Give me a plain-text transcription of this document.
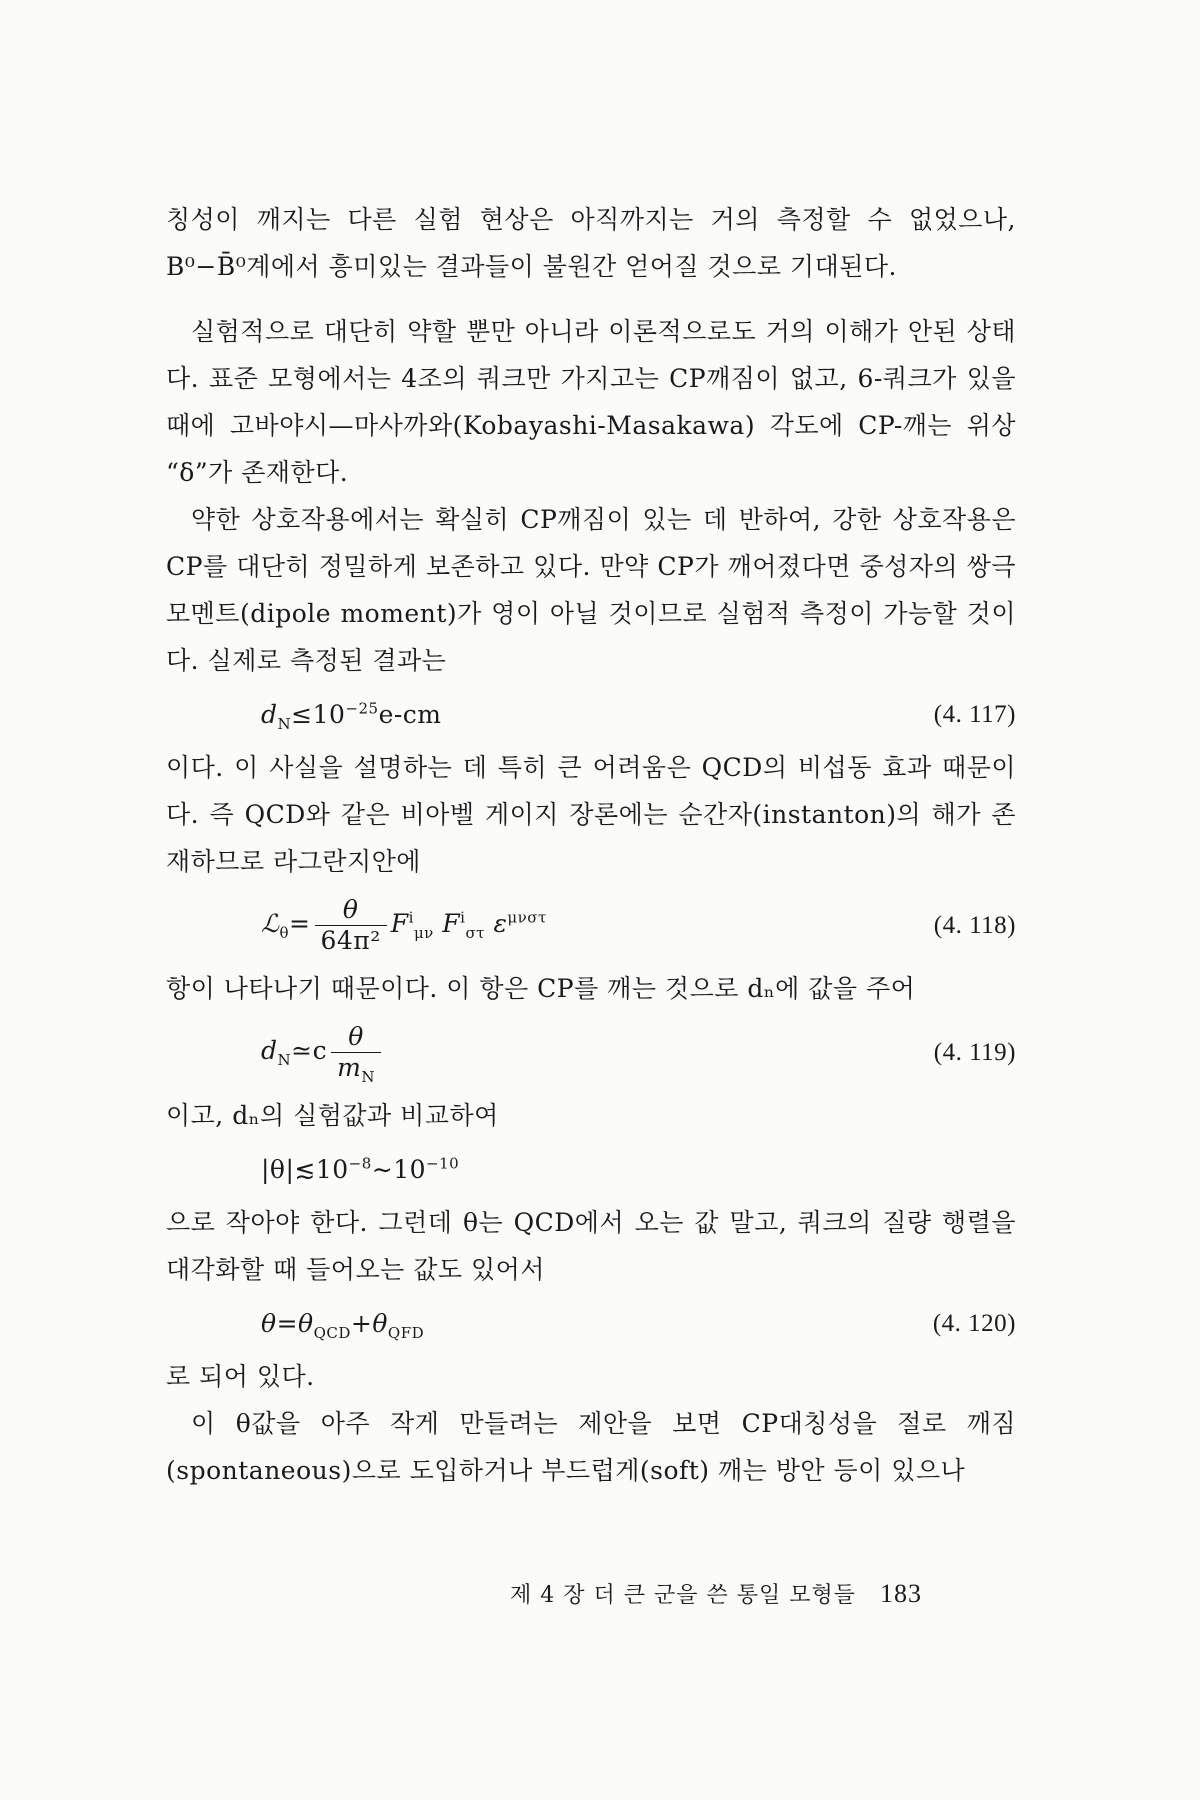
칭성이 깨지는 다른 실험 현상은 아직까지는 거의 측정할 수 없었으나, B⁰−B̄⁰계에서 흥미있는 결과들이 불원간 얻어질 것으로 기대된다.

실험적으로 대단히 약할 뿐만 아니라 이론적으로도 거의 이해가 안된 상태다. 표준 모형에서는 4조의 쿼크만 가지고는 CP깨짐이 없고, 6-쿼크가 있을 때에 고바야시—마사까와(Kobayashi-Masakawa) 각도에 CP-깨는 위상 “δ”가 존재한다.

약한 상호작용에서는 확실히 CP깨짐이 있는 데 반하여, 강한 상호작용은 CP를 대단히 정밀하게 보존하고 있다. 만약 CP가 깨어졌다면 중성자의 쌍극 모멘트(dipole moment)가 영이 아닐 것이므로 실험적 측정이 가능할 것이다. 실제로 측정된 결과는

$d_N\le 10^{-25}e-cm$	(4. 117)

이다. 이 사실을 설명하는 데 특히 큰 어려움은 QCD의 비섭동 효과 때문이다. 즉 QCD와 같은 비아벨 게이지 장론에는 순간자(instanton)의 해가 존재하므로 라그란지안에

ℒ$_\theta$= $\frac{\theta}{\text{64π²}} F^i_{\mu\nu}$ $F^i_{\sigma\tau}$ $\varepsilon^{\mu\nu\sigma\tau}$	(4. 118)

항이 나타나기 때문이다. 이 항은 CP를 깨는 것으로 dₙ에 값을 주어

$d_N≃c \frac{\theta}{m_N}$	(4. 119)

이고, dₙ의 실험값과 비교하여

$|\theta|≲10^{-8}\sim 10^{-10}$

으로 작아야 한다. 그런데 θ는 QCD에서 오는 값 말고, 쿼크의 질량 행렬을 대각화할 때 들어오는 값도 있어서

$\theta=\theta_{QCD}+\theta_{QFD}$	(4. 120)

로 되어 있다.

이 θ값을 아주 작게 만들려는 제안을 보면 CP대칭성을 절로 깨짐(spontaneous)으로 도입하거나 부드럽게(soft) 깨는 방안 등이 있으나

제 4 장 더 큰 군을 쓴 통일 모형들 183
